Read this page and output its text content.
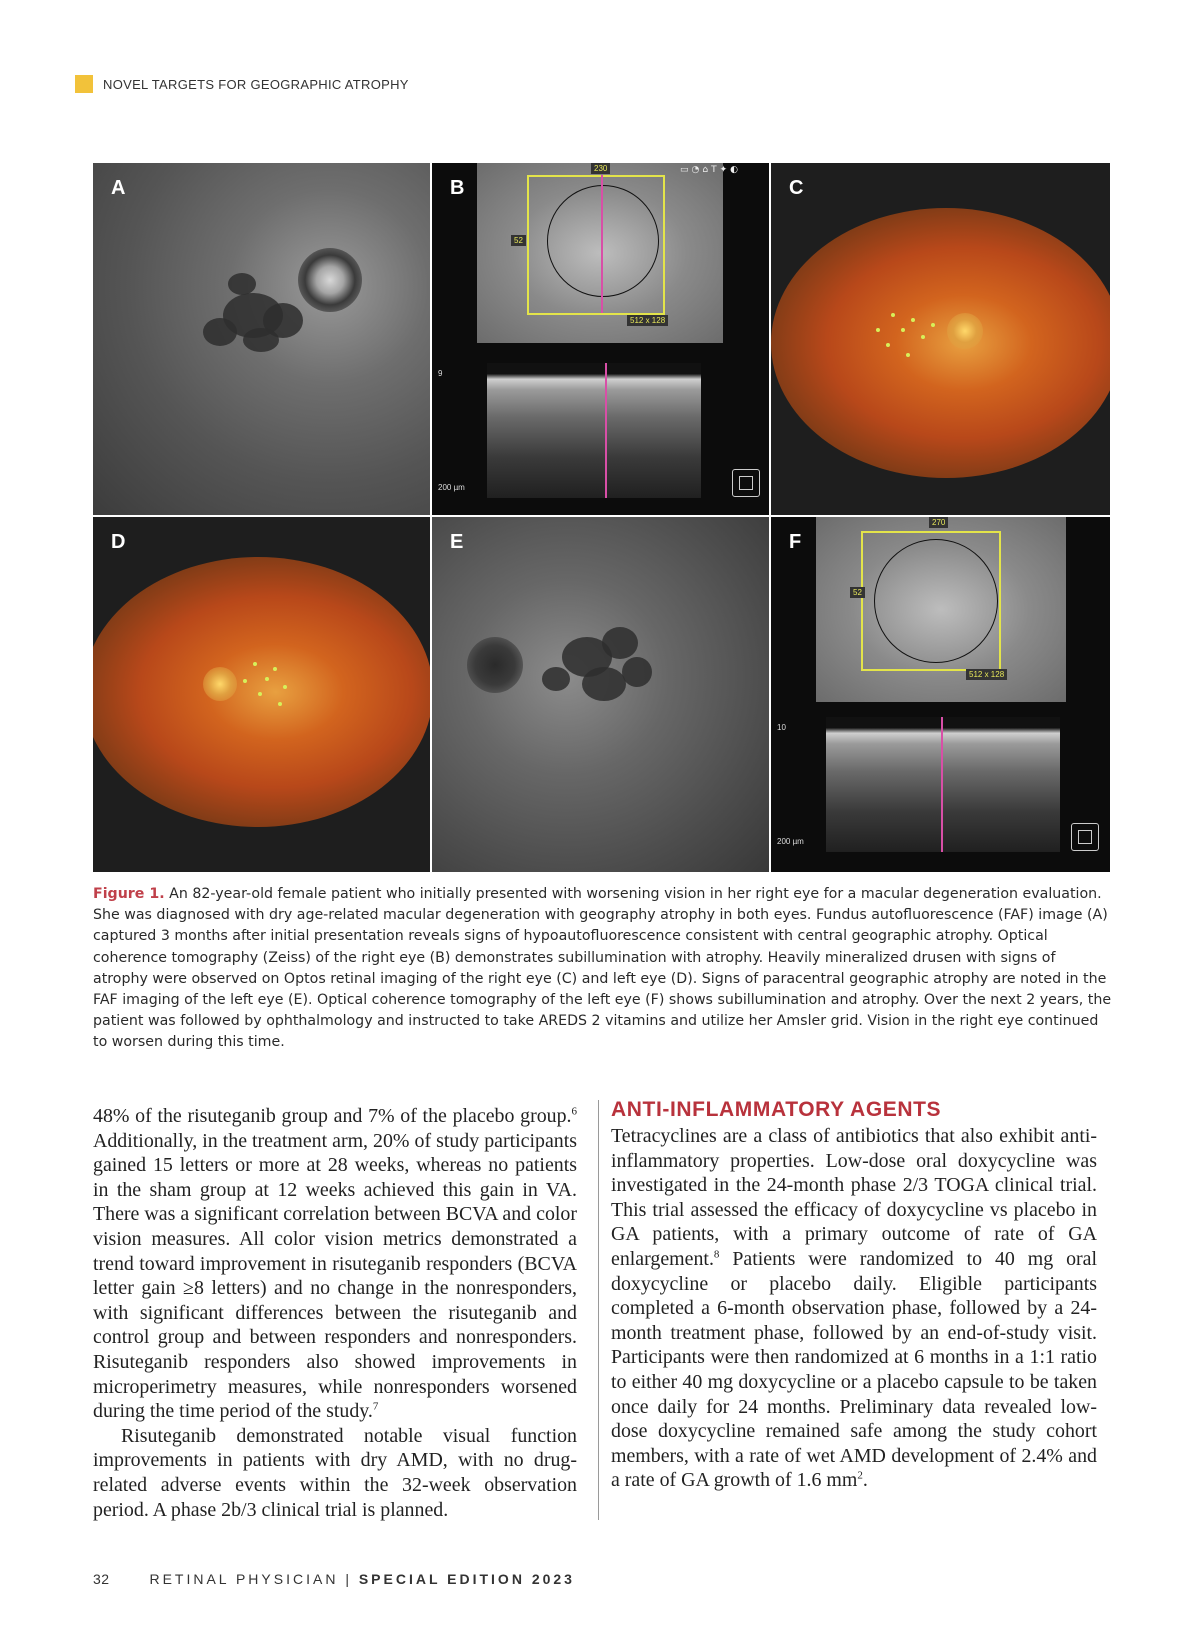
NOVEL TARGETS FOR GEOGRAPHIC ATROPHY
A
230
52
512 x 128
▭◔⌂T✦◐
9
200 µm
B	C
D	E
270
52
512 x 128
10
200 µm
F
Figure 1. An 82-year-old female patient who initially presented with worsening vision in her right eye for a macular degeneration evaluation. She was diagnosed with dry age-related macular degeneration with geography atrophy in both eyes. Fundus autofluorescence (FAF) image (A) captured 3 months after initial presentation reveals signs of hypoautofluorescence consistent with central geographic atrophy. Optical coherence tomography (Zeiss) of the right eye (B) demonstrates subillumination with atrophy. Heavily mineralized drusen with signs of atrophy were observed on Optos retinal imaging of the right eye (C) and left eye (D). Signs of paracentral geographic atrophy are noted in the FAF imaging of the left eye (E). Optical coherence tomography of the left eye (F) shows subillumination and atrophy. Over the next 2 years, the patient was followed by ophthalmology and instructed to take AREDS 2 vitamins and utilize her Amsler grid. Vision in the right eye continued to worsen during this time.

48% of the risuteganib group and 7% of the placebo group.$^6$ Additionally, in the treatment arm, 20% of study participants gained 15 letters or more at 28 weeks, whereas no patients in the sham group at 12 weeks achieved this gain in VA. There was a significant correlation between BCVA and color vision measures. All color vision metrics demonstrated a trend toward improvement in risuteganib responders (BCVA letter gain ≥8 letters) and no change in the nonresponders, with significant differences between the risuteganib and control group and between responders and nonresponders. Risuteganib responders also showed improvements in microperimetry measures, while nonresponders worsened during the time period of the study.$^7$

Risuteganib demonstrated notable visual function improvements in patients with dry AMD, with no drug-related adverse events within the 32-week observation period. A phase 2b/3 clinical trial is planned.

ANTI-INFLAMMATORY AGENTS

Tetracyclines are a class of antibiotics that also exhibit anti-inflammatory properties. Low-dose oral doxycycline was investigated in the 24-month phase 2/3 TOGA clinical trial. This trial assessed the efficacy of doxycycline vs placebo in GA patients, with a primary outcome of rate of GA enlargement.$^8$ Patients were randomized to 40 mg oral doxycycline or placebo daily. Eligible participants completed a 6-month observation phase, followed by a 24-month treatment phase, followed by an end-of-study visit. Participants were then randomized at 6 months in a 1:1 ratio to either 40 mg doxycycline or a placebo capsule to be taken once daily for 24 months. Preliminary data revealed low-dose doxycycline remained safe among the study cohort members, with a rate of wet AMD development of 2.4% and a rate of GA growth of 1.6 $mm^2$.

32	RETINAL PHYSICIAN | SPECIAL EDITION 2023
